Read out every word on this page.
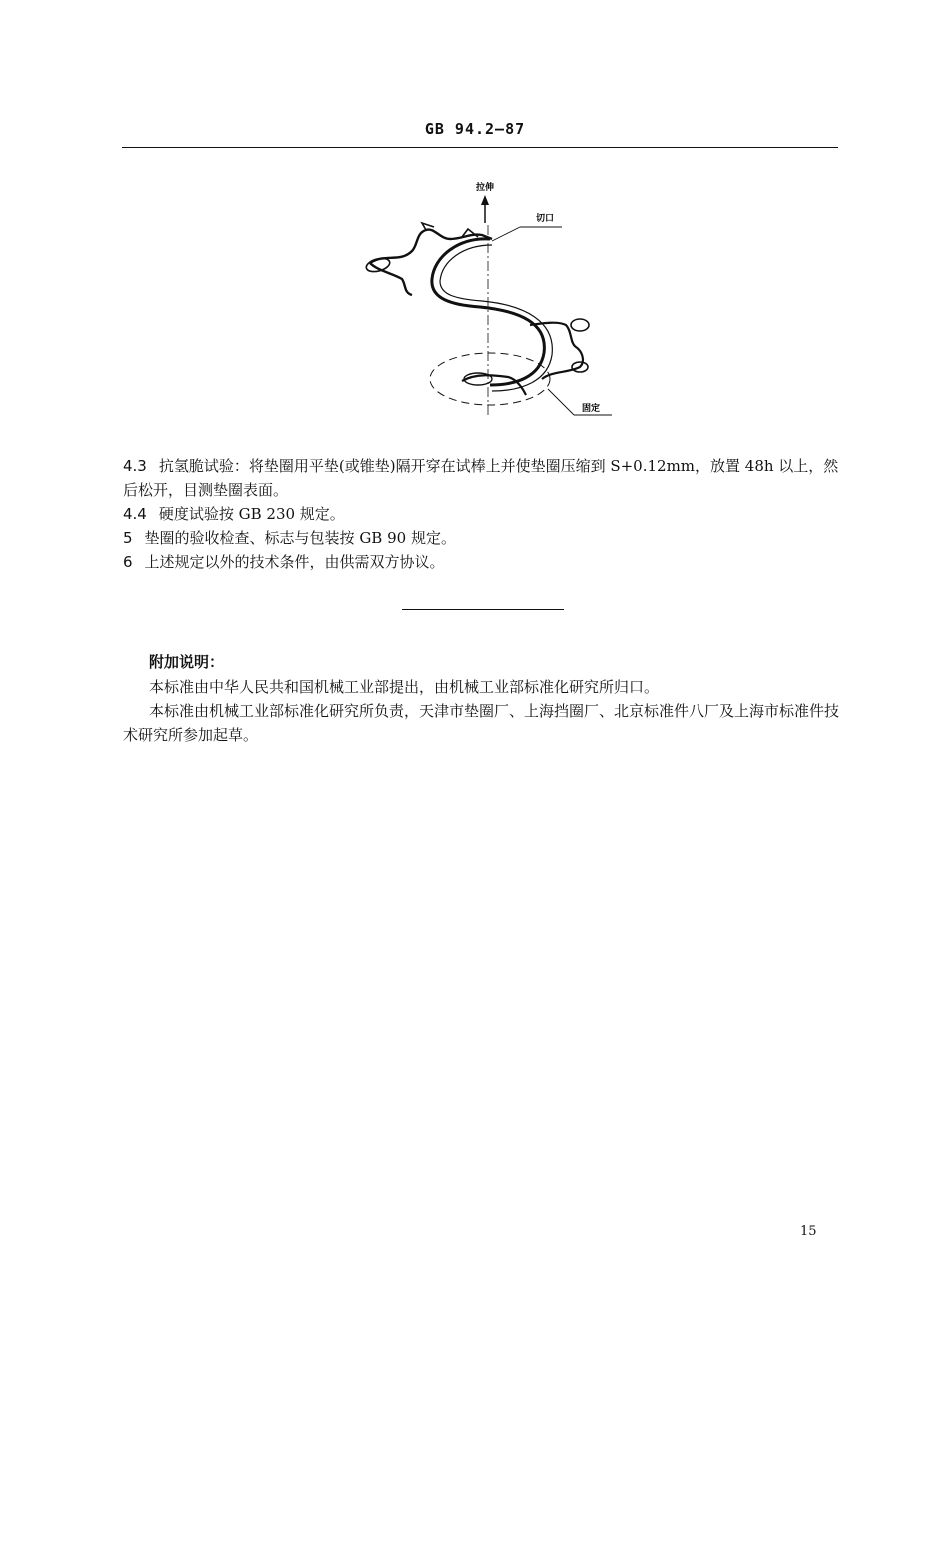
GB 94.2—87
拉伸
切口
固定

4.3 抗氢脆试验：将垫圈用平垫(或锥垫)隔开穿在试棒上并使垫圈压缩到 S+0.12mm，放置 48h 以上，然后松开，目测垫圈表面。

4.4 硬度试验按 GB 230 规定。

5 垫圈的验收检查、标志与包装按 GB 90 规定。

6 上述规定以外的技术条件，由供需双方协议。

附加说明：

本标准由中华人民共和国机械工业部提出，由机械工业部标准化研究所归口。

本标准由机械工业部标准化研究所负责，天津市垫圈厂、上海挡圈厂、北京标准件八厂及上海市标准件技术研究所参加起草。

15
